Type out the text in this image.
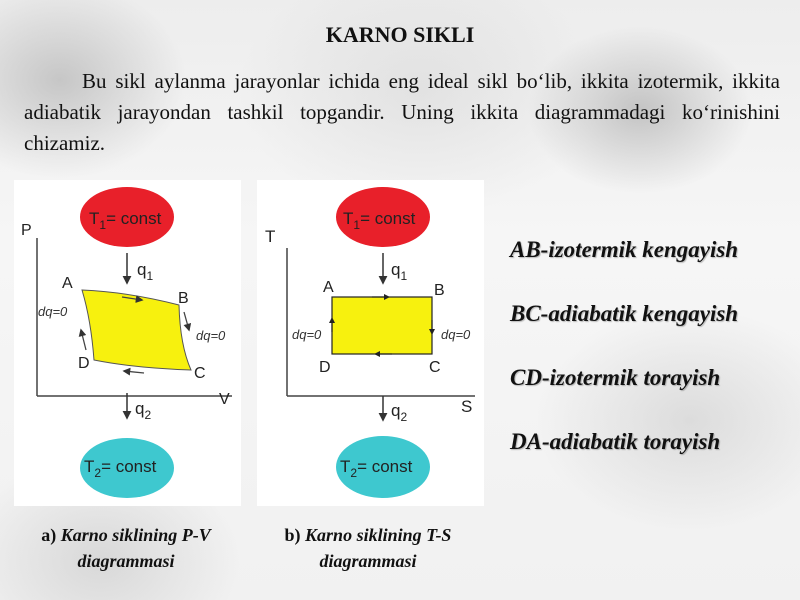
KARNO SIKLI

Bu sikl aylanma jarayonlar ichida eng ideal sikl bo‘lib, ikkita izotermik, ikkita adiabatik jarayondan tashkil topgandir. Uning ikkita diagrammadagi ko‘rinishini chizamiz.

$T_1=$ const
P
V
$q_1$
A
B
C
D
dq=0
dq=0
$q_2$
$T_2=$ const
$T_1=$ const
T
S
$q_1$
A	B
C
D
dq=0	dq=0
$q_2$
$T_2=$ const
a) Karno siklining P-V diagrammasi
b) Karno siklining T-S diagrammasi
AB-izotermik kengayish
BC-adiabatik kengayish
CD-izotermik torayish
DA-adiabatik torayish
